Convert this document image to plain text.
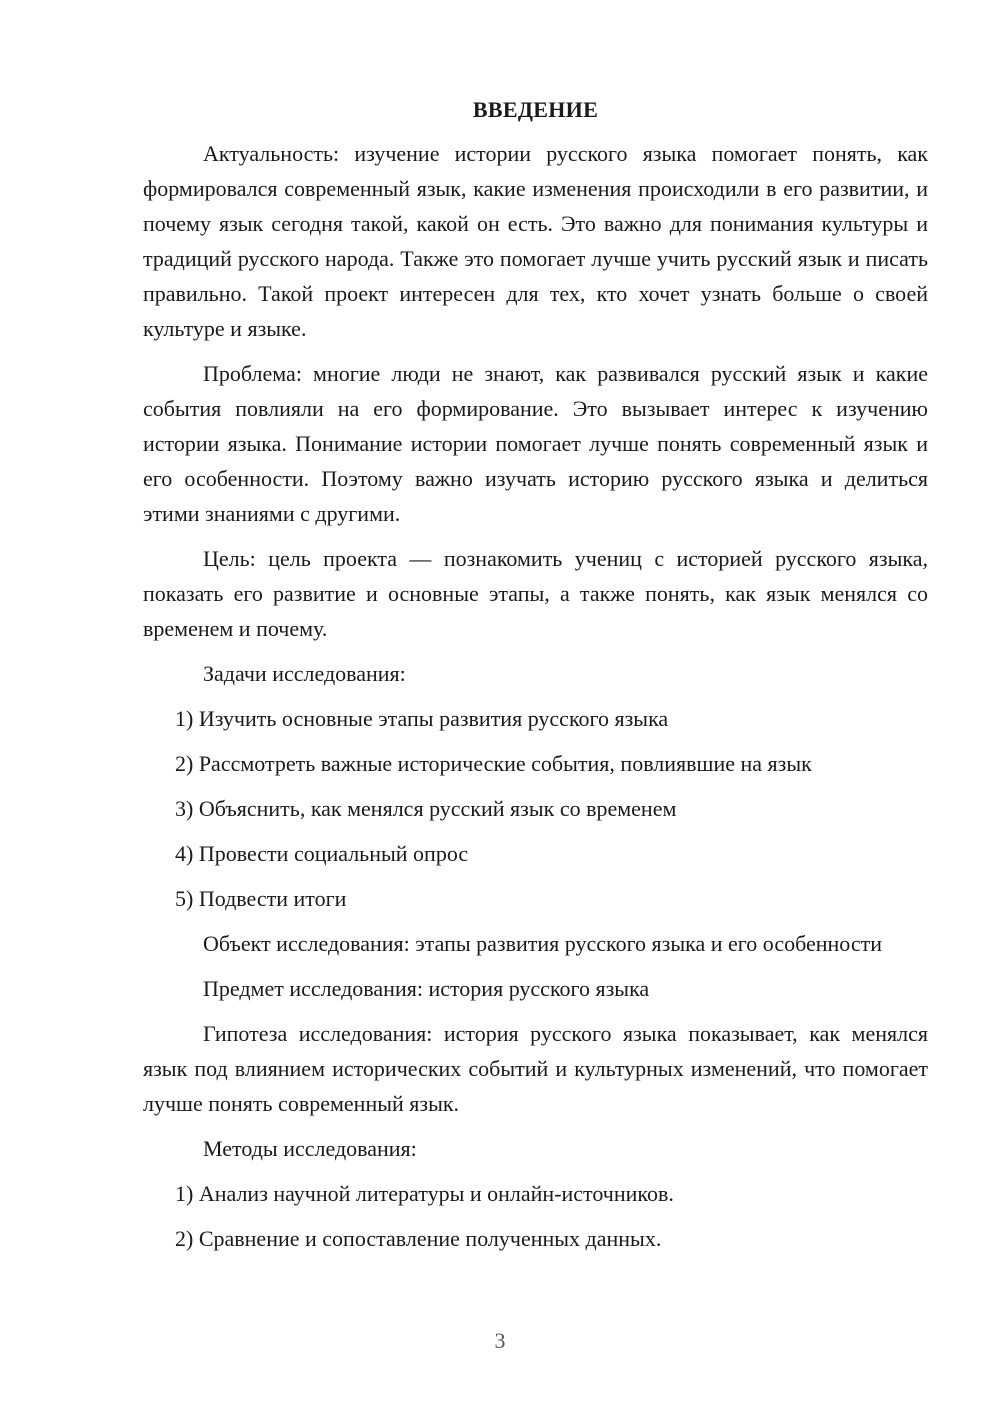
ВВЕДЕНИЕ

Актуальность: изучение истории русского языка помогает понять, как формировался современный язык, какие изменения происходили в его развитии, и почему язык сегодня такой, какой он есть. Это важно для понимания культуры и традиций русского народа. Также это помогает лучше учить русский язык и писать правильно. Такой проект интересен для тех, кто хочет узнать больше о своей культуре и языке.

Проблема: многие люди не знают, как развивался русский язык и какие события повлияли на его формирование. Это вызывает интерес к изучению истории языка. Понимание истории помогает лучше понять современный язык и его особенности. Поэтому важно изучать историю русского языка и делиться этими знаниями с другими.

Цель: цель проекта — познакомить учениц с историей русского языка, показать его развитие и основные этапы, а также понять, как язык менялся со временем и почему.

Задачи исследования:

1) Изучить основные этапы развития русского языка

2) Рассмотреть важные исторические события, повлиявшие на язык

3) Объяснить, как менялся русский язык со временем

4) Провести социальный опрос

5) Подвести итоги

Объект исследования: этапы развития русского языка и его особенности

Предмет исследования: история русского языка

Гипотеза исследования: история русского языка показывает, как менялся язык под влиянием исторических событий и культурных изменений, что помогает лучше понять современный язык.

Методы исследования:

1) Анализ научной литературы и онлайн-источников.

2) Сравнение и сопоставление полученных данных.

3
